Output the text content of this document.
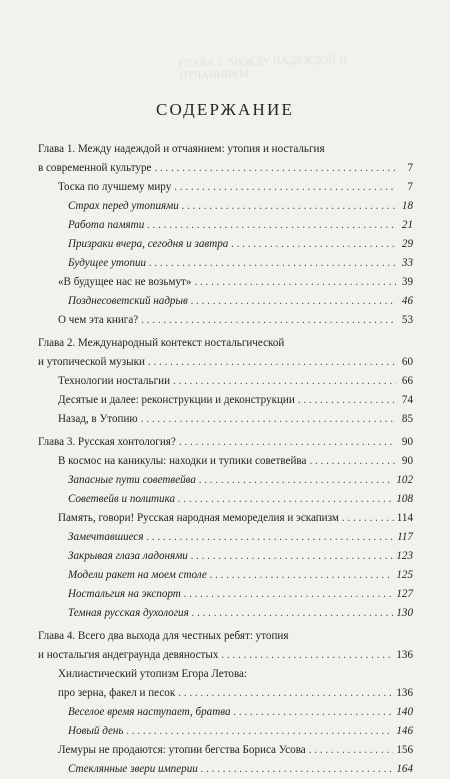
ГЛАВА 1. МЕЖДУ НАДЕЖДОЙ И ОТЧАЯНИЕМ
СОДЕРЖАНИЕ
Глава 1. Между надеждой и отчаянием: утопия и ностальгия
в современной культуре . . .	7
Тоска по лучшему миру . . .	7
Страх перед утопиями . . .	18
Работа памяти . . .	21
Призраки вчера, сегодня и завтра . . .	29
Будущее утопии . . .	33
«В будущее нас не возьмут» . . .	39
Позднесоветский надрыв . . .	46
О чем эта книга? . . .	53
Глава 2. Международный контекст ностальгической
и утопической музыки . . .	60
Технологии ностальгии . . .	66
Десятые и далее: реконструкции и деконструкции . . .	74
Назад, в Утопию . . .	85
Глава 3. Русская хонтология? . . .	90
В космос на каникулы: находки и тупики советвейва . . .	90
Запасные пути советвейва . . .	102
Советвейв и политика . . .	108
Память, говори! Русская народная мемоределия и эскапизм . . .	114
Замечтавшиеся . . .	117
Закрывая глаза ладонями . . .	123
Модели ракет на моем столе . . .	125
Ностальгия на экспорт . . .	127
Темная русская духология . . .	130
Глава 4. Всего два выхода для честных ребят: утопия
и ностальгия андеграунда девяностых . . .	136
Хилиастический утопизм Егора Летова:
про зерна, факел и песок . . .	136
Веселое время наступает, братва . . .	140
Новый день . . .	146
Лемуры не продаются: утопии бегства Бориса Усова . . .	156
Стеклянные звери империи . . .	164
